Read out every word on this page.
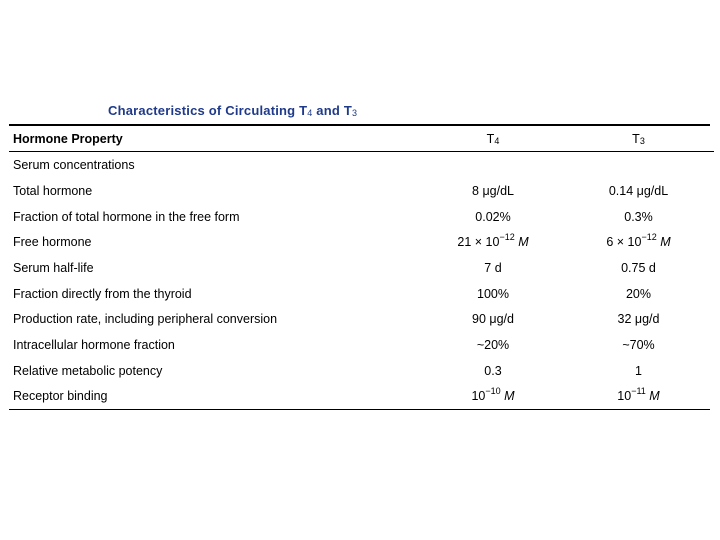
Characteristics of Circulating $T_4$ and $T_3$
Hormone Property	$T_4$	$T_3$
Serum concentrations		
Total hormone	8 μg/dL	0.14 μg/dL
Fraction of total hormone in the free form	0.02%	0.3%
Free hormone	$21 \times 10^{-12}$ M	$6 \times 10^{-12}$ M
Serum half-life	7 d	0.75 d
Fraction directly from the thyroid	100%	20%
Production rate, including peripheral conversion	90 μg/d	32 μg/d
Intracellular hormone fraction	~20%	~70%
Relative metabolic potency	0.3	1
Receptor binding	$10^{-10}$ M	$10^{-11}$ M
